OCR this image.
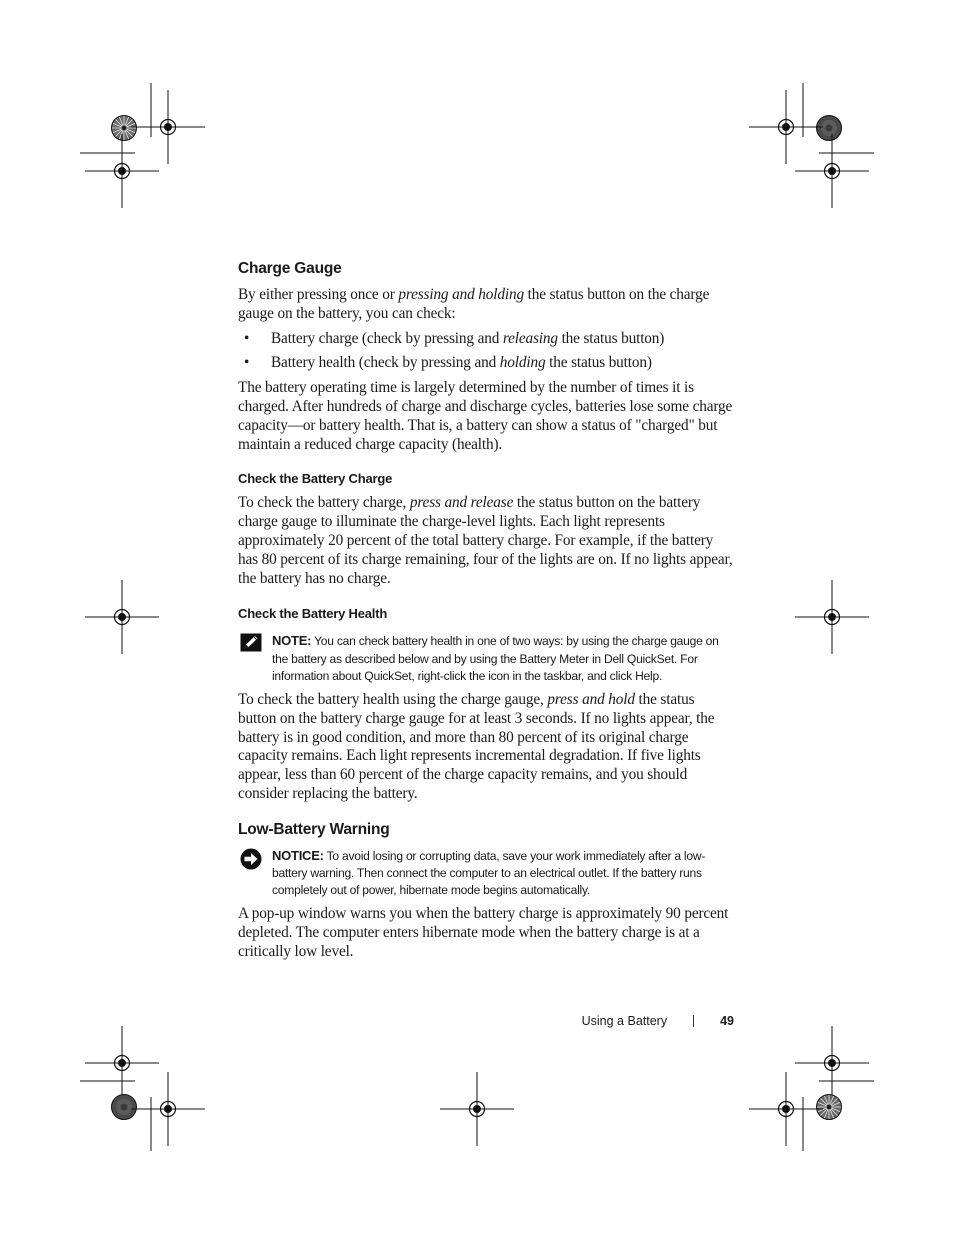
Charge Gauge

By either pressing once or pressing and holding the status button on the charge gauge on the battery, you can check:

• Battery charge (check by pressing and releasing the status button)
• Battery health (check by pressing and holding the status button)

The battery operating time is largely determined by the number of times it is charged. After hundreds of charge and discharge cycles, batteries lose some charge capacity—or battery health. That is, a battery can show a status of "charged" but maintain a reduced charge capacity (health).

Check the Battery Charge

To check the battery charge, press and release the status button on the battery charge gauge to illuminate the charge-level lights. Each light represents approximately 20 percent of the total battery charge. For example, if the battery has 80 percent of its charge remaining, four of the lights are on. If no lights appear, the battery has no charge.

Check the Battery Health

NOTE: You can check battery health in one of two ways: by using the charge gauge on the battery as described below and by using the Battery Meter in Dell QuickSet. For information about QuickSet, right-click the icon in the taskbar, and click Help.

To check the battery health using the charge gauge, press and hold the status button on the battery charge gauge for at least 3 seconds. If no lights appear, the battery is in good condition, and more than 80 percent of its original charge capacity remains. Each light represents incremental degradation. If five lights appear, less than 60 percent of the charge capacity remains, and you should consider replacing the battery.

Low-Battery Warning

NOTICE: To avoid losing or corrupting data, save your work immediately after a low-battery warning. Then connect the computer to an electrical outlet. If the battery runs completely out of power, hibernate mode begins automatically.

A pop-up window warns you when the battery charge is approximately 90 percent depleted. The computer enters hibernate mode when the battery charge is at a critically low level.

Using a Battery	49
